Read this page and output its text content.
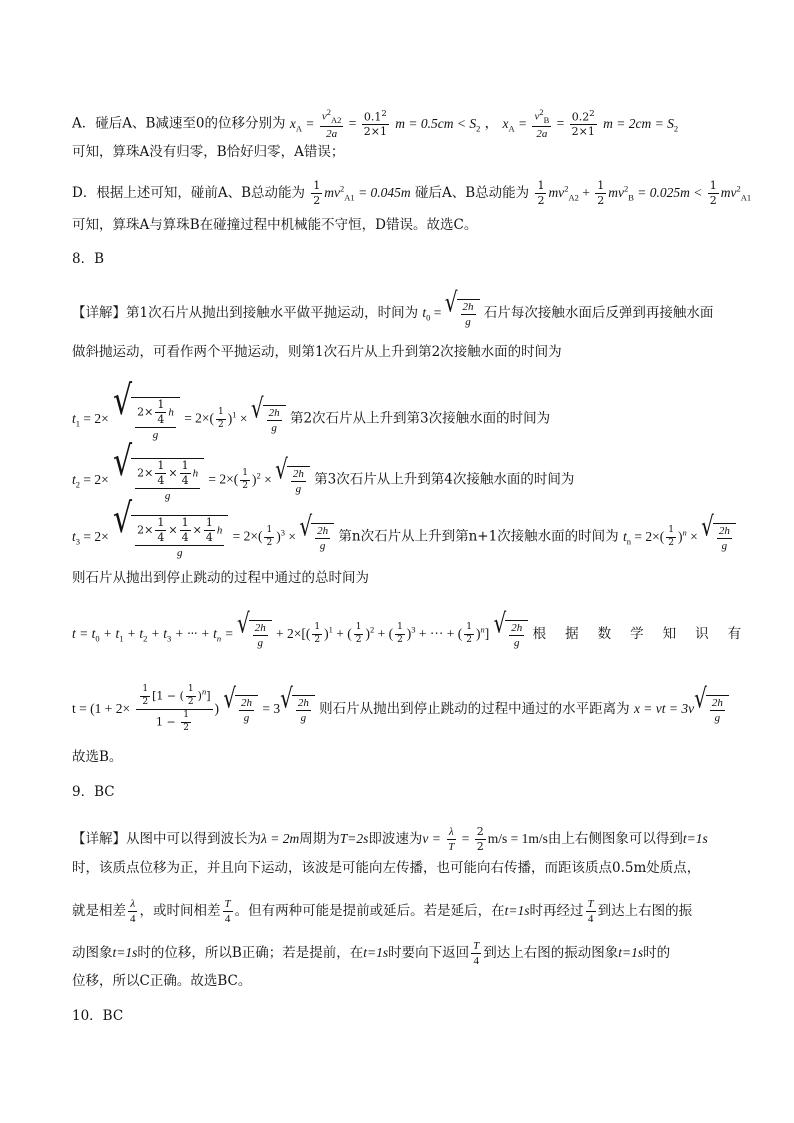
A．碰后A、B减速至0的位移分别为 $x_A = \frac{v^2_{A2}}{2a} = \frac{0.1^2}{2\times 1}$ $m = 0.5cm < S_2$ ， $x_A = \frac{v^2_B}{2a} = \frac{0.2^2}{2\times 1}$ $m = 2cm = S_2$
可知，算珠A没有归零，B恰好归零，A错误；
D．根据上述可知，碰前A、B总动能为 $\frac{1}{2} mv^2_{A1} = 0.045m$ 碰后A、B总动能为 $\frac{1}{2} mv^2_{A2} + \frac{1}{2} mv^2_B = 0.025m < \frac{1}{2} mv^2_{A1}$
可知，算珠A与算珠B在碰撞过程中机械能不守恒，D错误。故选C。
8．B
【详解】第1次石片从抛出到接触水平做平抛运动，时间为 $t_0$ = √ $\frac{2h}{g}$ 石片每次接触水面后反弹到再接触水面
做斜抛运动，可看作两个平抛运动，则第1次石片从上升到第2次接触水面的时间为
$t_1 = 2\times$ √ $\frac{2\times \frac{1}{4} h}{g} = 2\times( \frac{1}{2} )^1$ × √ $\frac{2h}{g}$ 第2次石片从上升到第3次接触水面的时间为
$t_2 = 2\times$ √ $\frac{2\times \frac{1}{4} \times \frac{1}{4} h}{g} = 2\times( \frac{1}{2} )^2$ × √ $\frac{2h}{g}$ 第3次石片从上升到第4次接触水面的时间为
$t_3 = 2\times$ √ $\frac{2\times \frac{1}{4} \times \frac{1}{4} \times \frac{1}{4} h}{g} = 2\times( \frac{1}{2} )^3$ × √ $\frac{2h}{g}$ 第n次石片从上升到第n+1次接触水面的时间为 $t_n = 2\times( \frac{1}{2} )^n$ × √ $\frac{2h}{g}$
则石片从抛出到停止跳动的过程中通过的总时间为
$t = t_0 + t_1 + t_2 + t_3$ + ··· + $t_n$ = √ $\frac{2h}{g} + 2\times[( \frac{1}{2} )^1$ + ( $\frac{1}{2} )^2$ + ( $\frac{1}{2} )^3$ + ··· + ( $\frac{1}{2} )^n$] √ $\frac{2h}{g}$ 根据数学知识有
$t = (1 + 2\times \frac{\frac{1}{2} [1 - ( \frac{1}{2} )^n]}{1 - \frac{1}{2}}$ ) √ $\frac{2h}{g} = 3$ √ $\frac{2h}{g}$ 则石片从抛出到停止跳动的过程中通过的水平距离为 x = vt = 3v √ $\frac{2h}{g}$
故选B。
9．BC
【详解】从图中可以得到波长为λ = 2m周期为T=2s即波速为$v = \frac{\lambda}{T} = \frac{2}{2} m/s = 1m/s$由上右侧图象可以得到t=1s
时，该质点位移为正，并且向下运动，该波是可能向左传播，也可能向右传播，而距该质点0.5m处质点，
就是相差 $\frac{\lambda}{4}$ ，或时间相差 $\frac{T}{4}$ 。但有两种可能是提前或延后。若是延后，在t=1s时再经过 $\frac{T}{4}$ 到达上右图的振
动图象t=1s时的位移，所以B正确；若是提前，在t=1s时要向下返回 $\frac{T}{4}$ 到达上右图的振动图象t=1s时的
位移，所以C正确。故选BC。
10．BC
